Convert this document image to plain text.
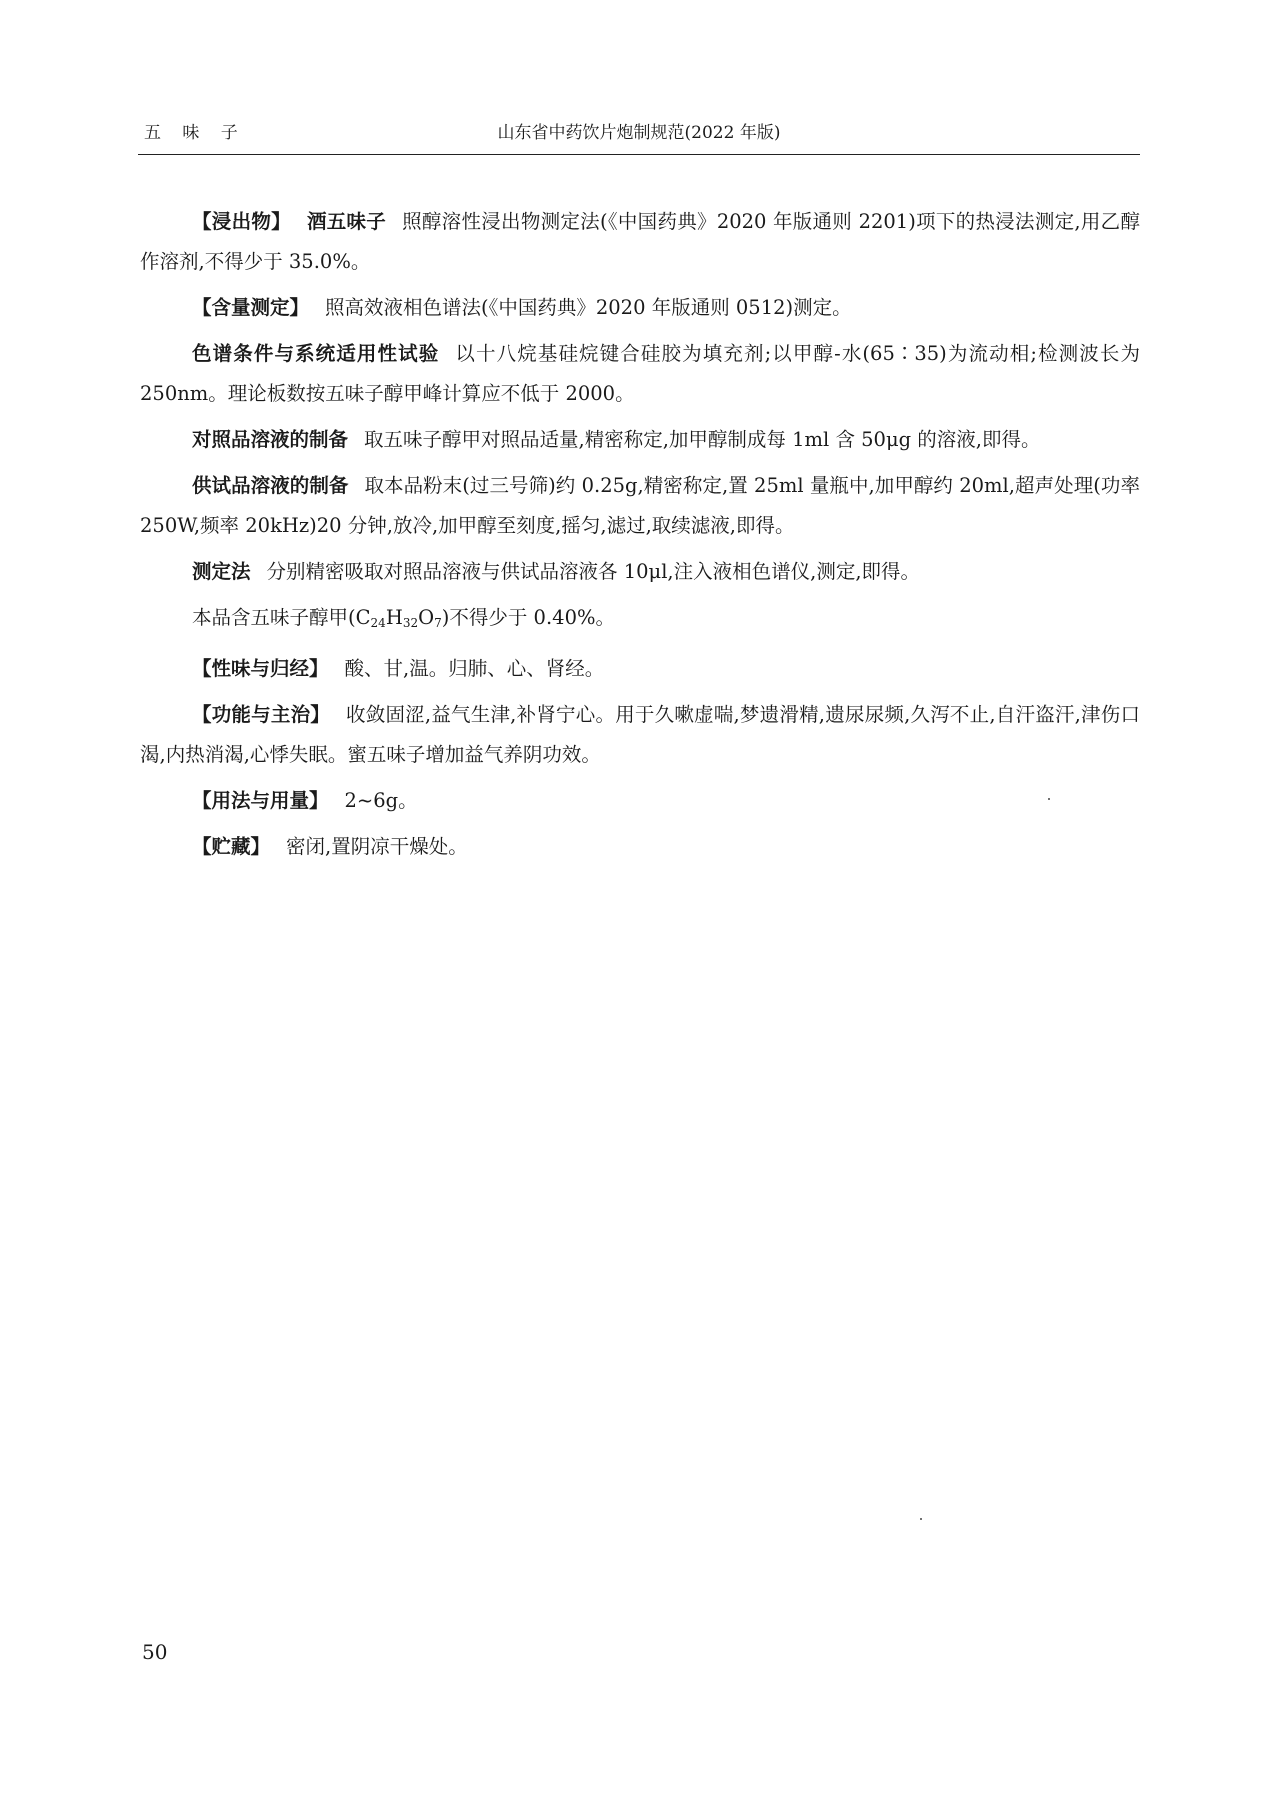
五 味 子	山东省中药饮片炮制规范(2022 年版)

【浸出物】 酒五味子 照醇溶性浸出物测定法(《中国药典》2020 年版通则 2201)项下的热浸法测定,用乙醇作溶剂,不得少于 35.0%。

【含量测定】 照高效液相色谱法(《中国药典》2020 年版通则 0512)测定。

色谱条件与系统适用性试验 以十八烷基硅烷键合硅胶为填充剂;以甲醇-水(65∶35)为流动相;检测波长为 250nm。理论板数按五味子醇甲峰计算应不低于 2000。

对照品溶液的制备 取五味子醇甲对照品适量,精密称定,加甲醇制成每 1ml 含 50μg 的溶液,即得。

供试品溶液的制备 取本品粉末(过三号筛)约 0.25g,精密称定,置 25ml 量瓶中,加甲醇约 20ml,超声处理(功率 250W,频率 20kHz)20 分钟,放冷,加甲醇至刻度,摇匀,滤过,取续滤液,即得。

测定法 分别精密吸取对照品溶液与供试品溶液各 10μl,注入液相色谱仪,测定,即得。

本品含五味子醇甲$(C_{24}H_{32}O_7)$不得少于 0.40%。

【性味与归经】 酸、甘,温。归肺、心、肾经。

【功能与主治】 收敛固涩,益气生津,补肾宁心。用于久嗽虚喘,梦遗滑精,遗尿尿频,久泻不止,自汗盗汗,津伤口渴,内热消渴,心悸失眠。蜜五味子增加益气养阴功效。

【用法与用量】 2~6g。

【贮藏】 密闭,置阴凉干燥处。

50
